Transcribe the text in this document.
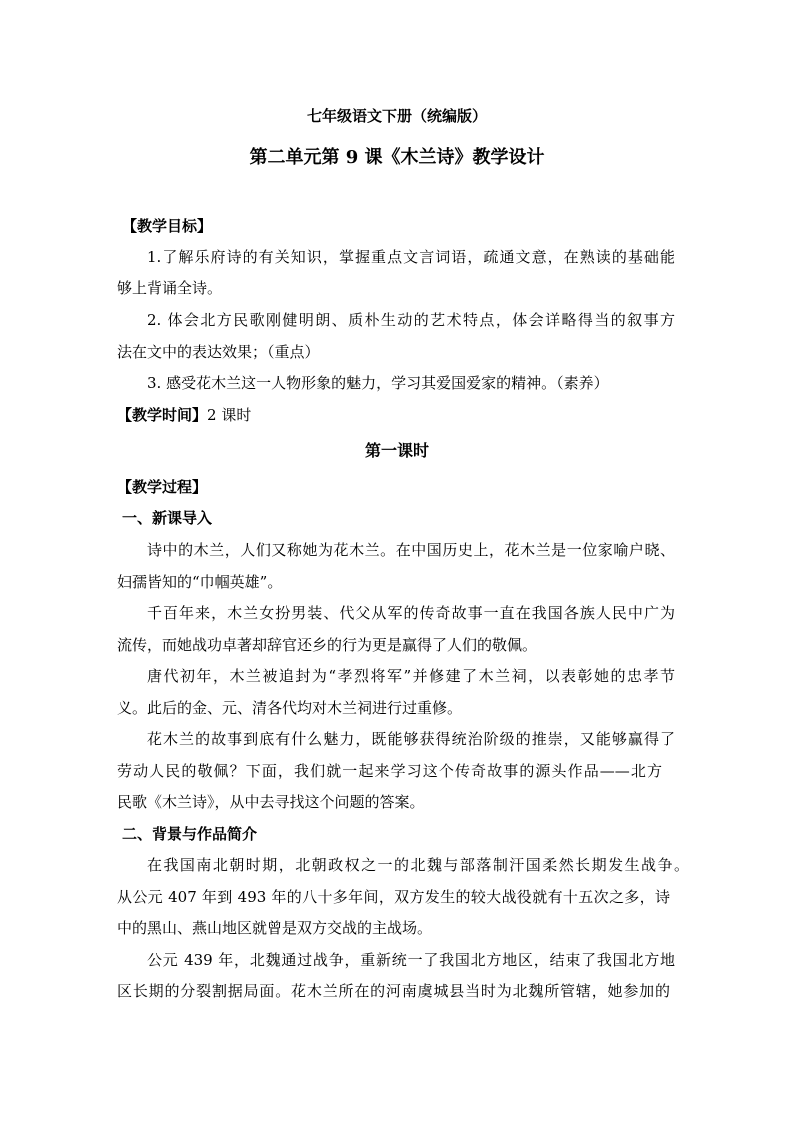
七年级语文下册（统编版）
第二单元第 9 课《木兰诗》教学设计
【教学目标】
1.了解乐府诗的有关知识，掌握重点文言词语，疏通文意，在熟读的基础能
够上背诵全诗。
2. 体会北方民歌刚健明朗、质朴生动的艺术特点，体会详略得当的叙事方
法在文中的表达效果；（重点）
3. 感受花木兰这一人物形象的魅力，学习其爱国爱家的精神。（素养）
【教学时间】2 课时
第一课时
【教学过程】
一、新课导入
诗中的木兰，人们又称她为花木兰。在中国历史上，花木兰是一位家喻户晓、
妇孺皆知的“巾帼英雄”。
千百年来，木兰女扮男装、代父从军的传奇故事一直在我国各族人民中广为
流传，而她战功卓著却辞官还乡的行为更是赢得了人们的敬佩。
唐代初年，木兰被追封为“孝烈将军”并修建了木兰祠，以表彰她的忠孝节
义。此后的金、元、清各代均对木兰祠进行过重修。
花木兰的故事到底有什么魅力，既能够获得统治阶级的推崇，又能够赢得了
劳动人民的敬佩？下面，我们就一起来学习这个传奇故事的源头作品——北方
民歌《木兰诗》，从中去寻找这个问题的答案。
二、背景与作品简介
在我国南北朝时期，北朝政权之一的北魏与部落制汗国柔然长期发生战争。
从公元 407 年到 493 年的八十多年间，双方发生的较大战役就有十五次之多，诗
中的黑山、燕山地区就曾是双方交战的主战场。
公元 439 年，北魏通过战争，重新统一了我国北方地区，结束了我国北方地
区长期的分裂割据局面。花木兰所在的河南虞城县当时为北魏所管辖，她参加的
